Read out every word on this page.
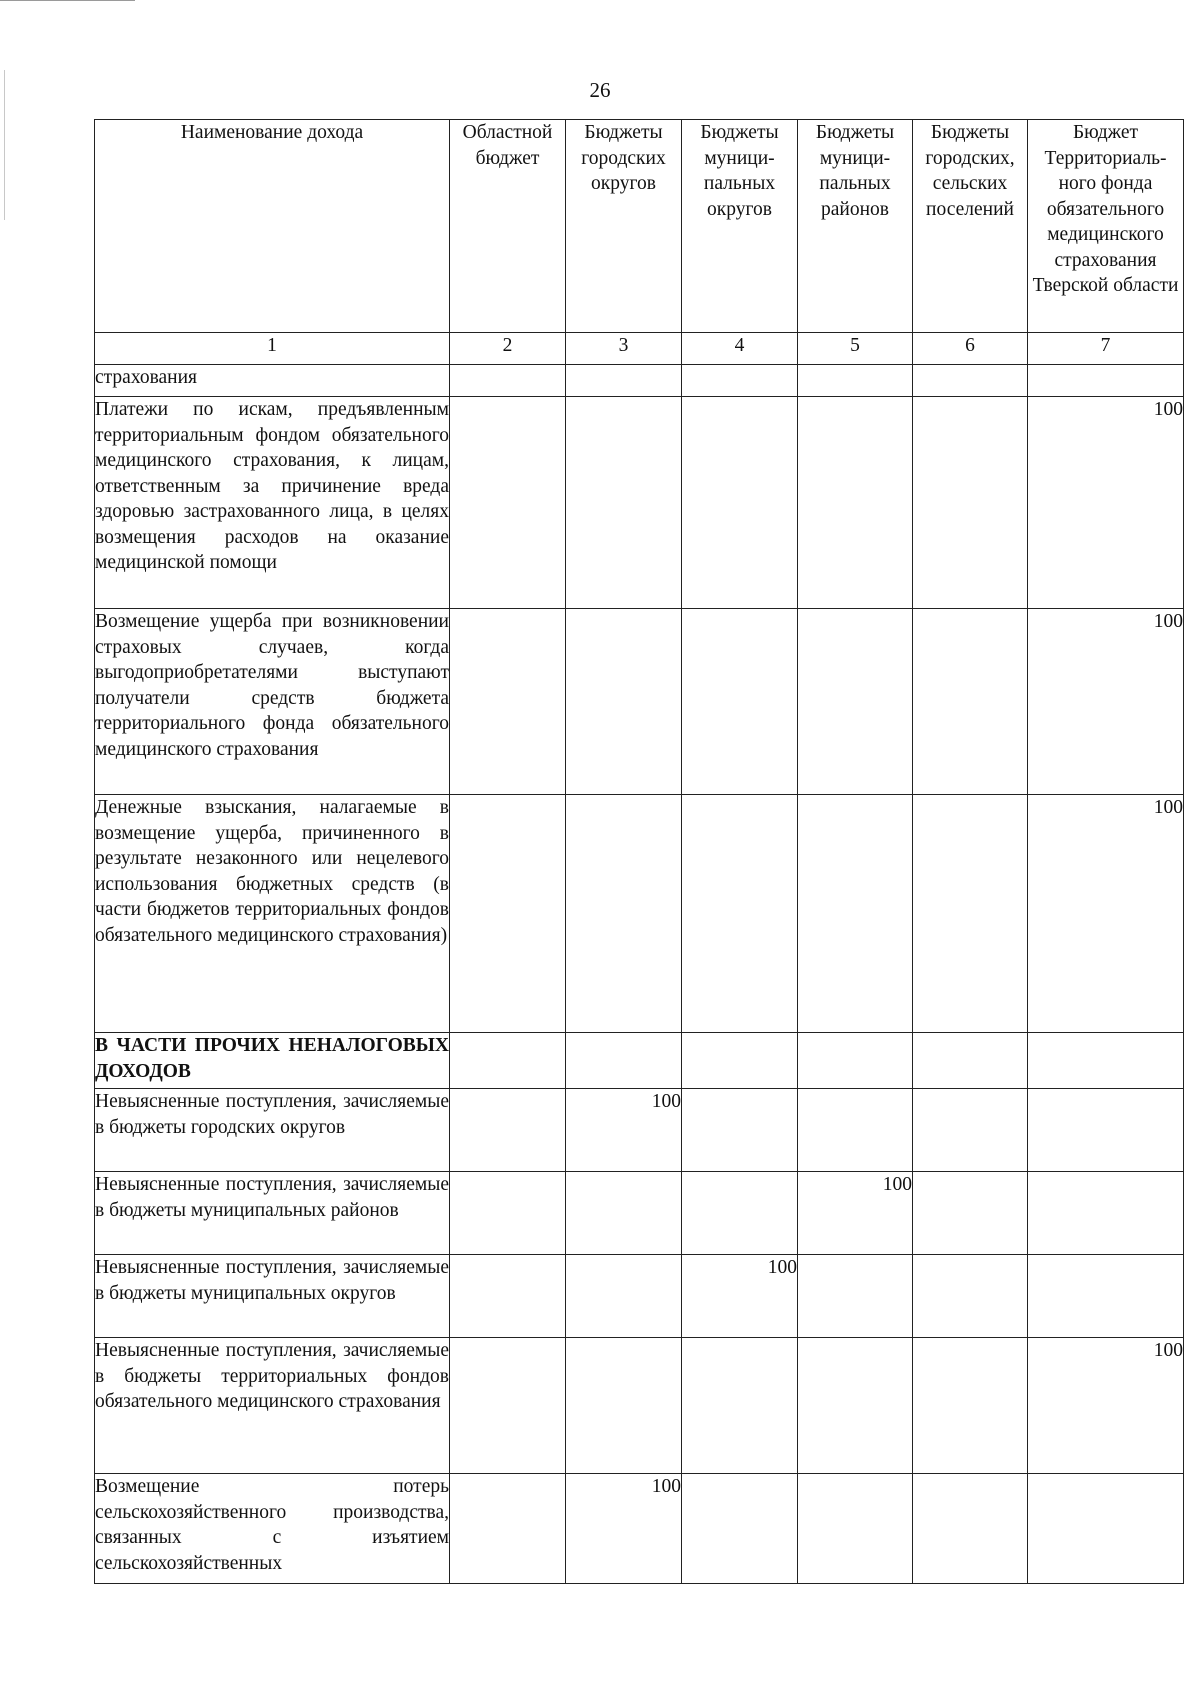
26
Наименование дохода	Областной бюджет	Бюджеты городских округов	Бюджеты муници-пальных округов	Бюджеты муници-пальных районов	Бюджеты городских, сельских поселений	Бюджет Территориаль-ного фонда обязательного медицинского страхования Тверской области
1	2	3	4	5	6	7
страхования						
Платежи по искам, предъявленным территориальным фондом обязательного медицинского страхования, к лицам, ответственным за причинение вреда здоровью застрахованного лица, в целях возмещения расходов на оказание медицинской помощи						100
Возмещение ущерба при возникновении страховых случаев, когда выгодоприобретателями выступают получатели средств бюджета территориального фонда обязательного медицинского страхования						100
Денежные взыскания, налагаемые в возмещение ущерба, причиненного в результате незаконного или нецелевого использования бюджетных средств (в части бюджетов территориальных фондов обязательного медицинского страхования)						100
В ЧАСТИ ПРОЧИХ НЕНАЛОГОВЫХ ДОХОДОВ						
Невыясненные поступления, зачисляемые в бюджеты городских округов		100				
Невыясненные поступления, зачисляемые в бюджеты муниципальных районов				100		
Невыясненные поступления, зачисляемые в бюджеты муниципальных округов			100			
Невыясненные поступления, зачисляемые в бюджеты территориальных фондов обязательного медицинского страхования						100
Возмещение потерь сельскохозяйственного производства, связанных с изъятием сельскохозяйственных		100				
